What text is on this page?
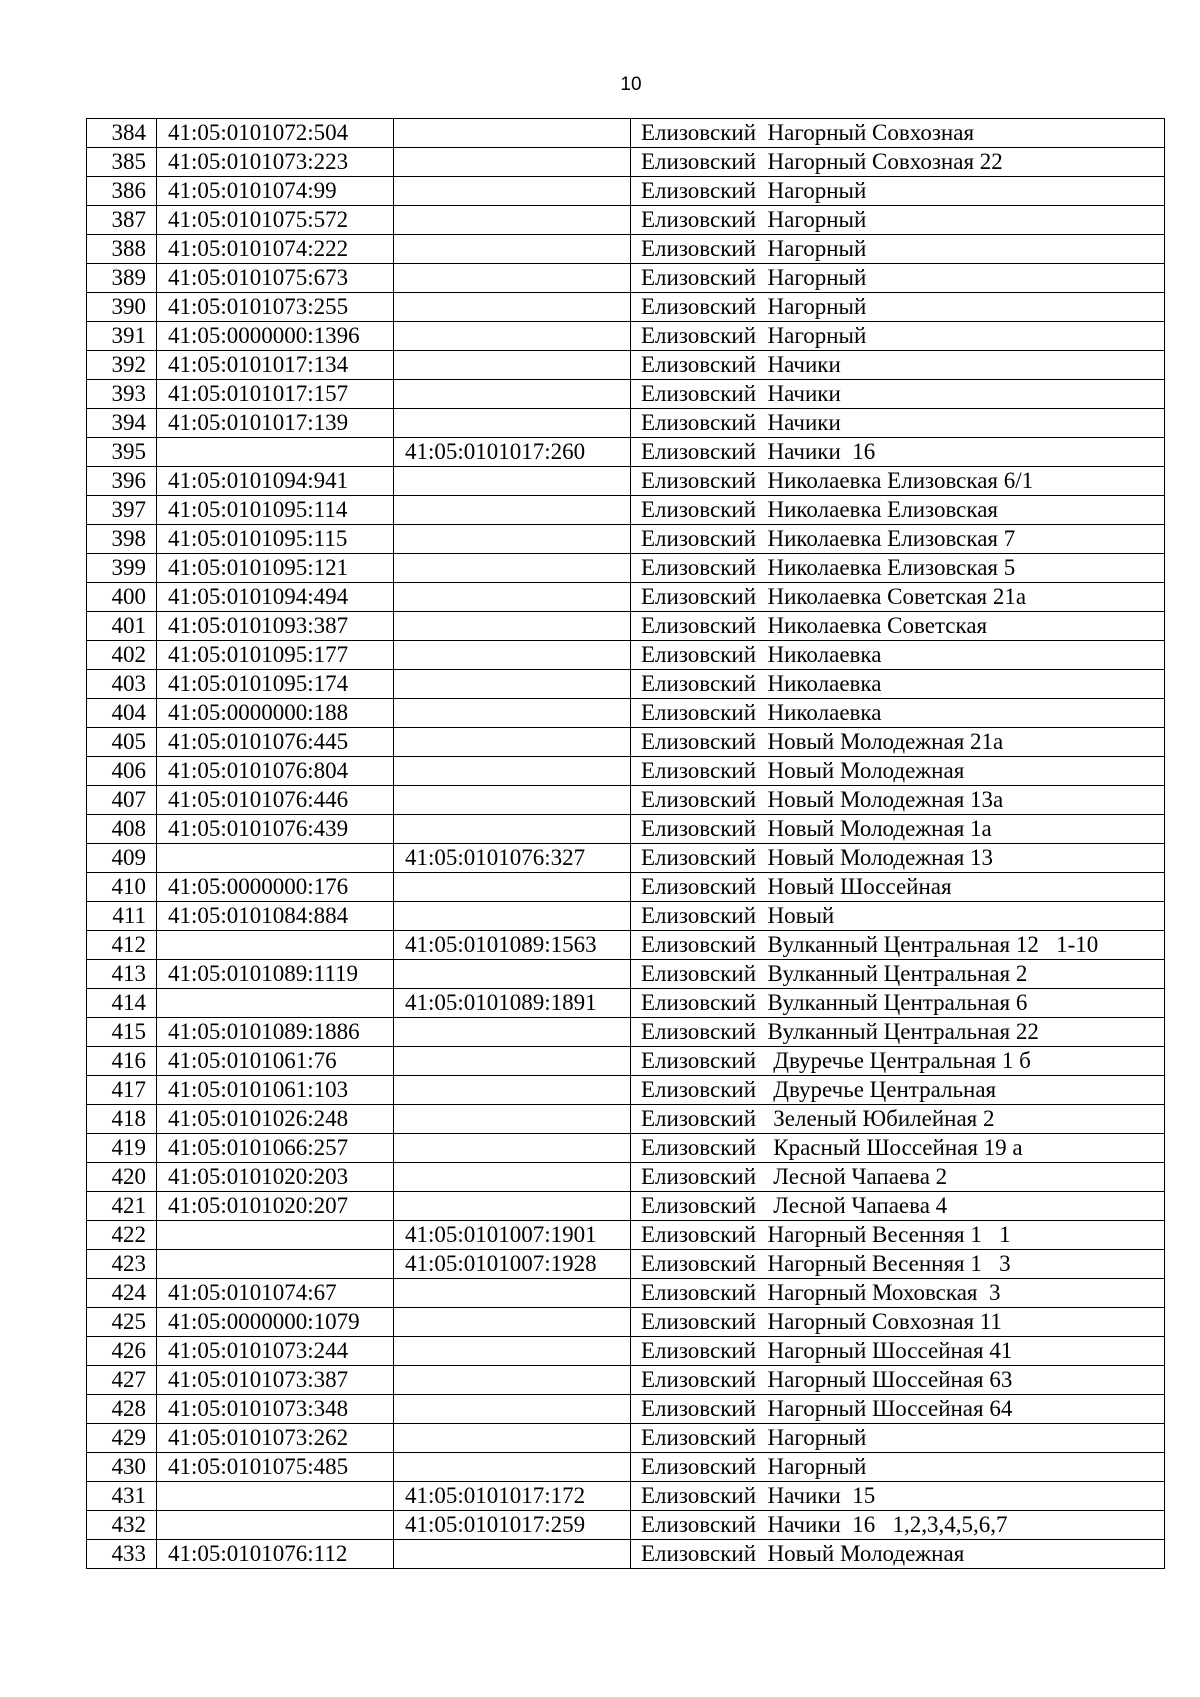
10
384	41:05:0101072:504		Елизовский  Нагорный Совхозная
385	41:05:0101073:223		Елизовский  Нагорный Совхозная 22
386	41:05:0101074:99		Елизовский  Нагорный
387	41:05:0101075:572		Елизовский  Нагорный
388	41:05:0101074:222		Елизовский  Нагорный
389	41:05:0101075:673		Елизовский  Нагорный
390	41:05:0101073:255		Елизовский  Нагорный
391	41:05:0000000:1396		Елизовский  Нагорный
392	41:05:0101017:134		Елизовский  Начики
393	41:05:0101017:157		Елизовский  Начики
394	41:05:0101017:139		Елизовский  Начики
395		41:05:0101017:260	Елизовский  Начики  16
396	41:05:0101094:941		Елизовский  Николаевка Елизовская 6/1
397	41:05:0101095:114		Елизовский  Николаевка Елизовская
398	41:05:0101095:115		Елизовский  Николаевка Елизовская 7
399	41:05:0101095:121		Елизовский  Николаевка Елизовская 5
400	41:05:0101094:494		Елизовский  Николаевка Советская 21а
401	41:05:0101093:387		Елизовский  Николаевка Советская
402	41:05:0101095:177		Елизовский  Николаевка
403	41:05:0101095:174		Елизовский  Николаевка
404	41:05:0000000:188		Елизовский  Николаевка
405	41:05:0101076:445		Елизовский  Новый Молодежная 21а
406	41:05:0101076:804		Елизовский  Новый Молодежная
407	41:05:0101076:446		Елизовский  Новый Молодежная 13а
408	41:05:0101076:439		Елизовский  Новый Молодежная 1а
409		41:05:0101076:327	Елизовский  Новый Молодежная 13
410	41:05:0000000:176		Елизовский  Новый Шоссейная
411	41:05:0101084:884		Елизовский  Новый
412		41:05:0101089:1563	Елизовский  Вулканный Центральная 12   1-10
413	41:05:0101089:1119		Елизовский  Вулканный Центральная 2
414		41:05:0101089:1891	Елизовский  Вулканный Центральная 6
415	41:05:0101089:1886		Елизовский  Вулканный Центральная 22
416	41:05:0101061:76		Елизовский   Двуречье Центральная 1 б
417	41:05:0101061:103		Елизовский   Двуречье Центральная
418	41:05:0101026:248		Елизовский   Зеленый Юбилейная 2
419	41:05:0101066:257		Елизовский   Красный Шоссейная 19 а
420	41:05:0101020:203		Елизовский   Лесной Чапаева 2
421	41:05:0101020:207		Елизовский   Лесной Чапаева 4
422		41:05:0101007:1901	Елизовский  Нагорный Весенняя 1   1
423		41:05:0101007:1928	Елизовский  Нагорный Весенняя 1   3
424	41:05:0101074:67		Елизовский  Нагорный Моховская  3
425	41:05:0000000:1079		Елизовский  Нагорный Совхозная 11
426	41:05:0101073:244		Елизовский  Нагорный Шоссейная 41
427	41:05:0101073:387		Елизовский  Нагорный Шоссейная 63
428	41:05:0101073:348		Елизовский  Нагорный Шоссейная 64
429	41:05:0101073:262		Елизовский  Нагорный
430	41:05:0101075:485		Елизовский  Нагорный
431		41:05:0101017:172	Елизовский  Начики  15
432		41:05:0101017:259	Елизовский  Начики  16   1,2,3,4,5,6,7
433	41:05:0101076:112		Елизовский  Новый Молодежная
